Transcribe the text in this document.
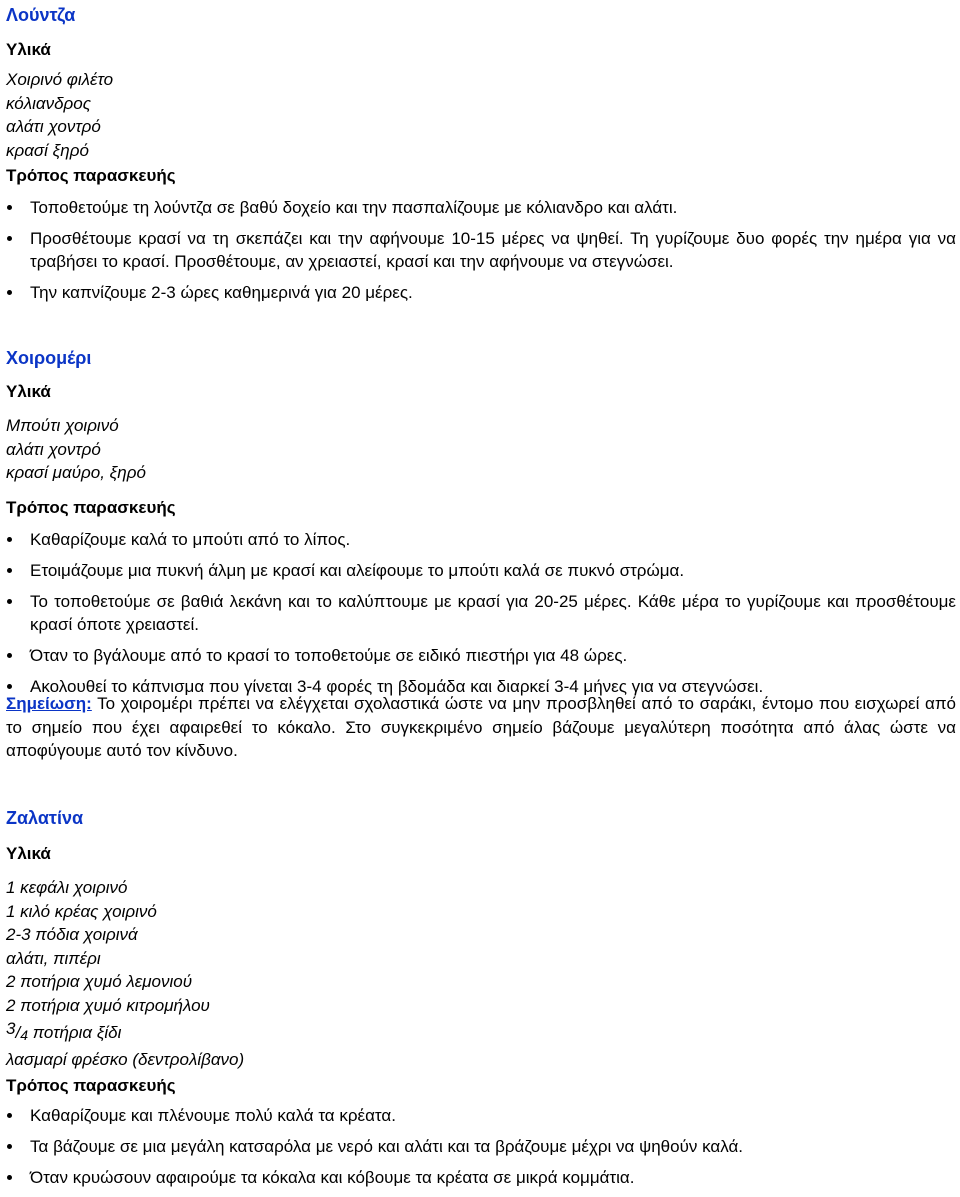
Λούντζα
Υλικά
Χοιρινό φιλέτο
κόλιανδρος
αλάτι χοντρό
κρασί ξηρό
Τρόπος παρασκευής
Τοποθετούμε τη λούντζα σε βαθύ δοχείο και την πασπαλίζουμε με κόλιανδρο και αλάτι.
Προσθέτουμε κρασί να τη σκεπάζει και την αφήνουμε 10-15 μέρες να ψηθεί. Τη γυρίζουμε δυο φορές την ημέρα για να τραβήσει το κρασί. Προσθέτουμε, αν χρειαστεί, κρασί και την αφήνουμε να στεγνώσει.
Την καπνίζουμε 2-3 ώρες καθημερινά για 20 μέρες.
Χοιρομέρι
Υλικά
Μπούτι χοιρινό
αλάτι χοντρό
κρασί μαύρο, ξηρό
Τρόπος παρασκευής
Καθαρίζουμε καλά το μπούτι από το λίπος.
Ετοιμάζουμε μια πυκνή άλμη με κρασί και αλείφουμε το μπούτι καλά σε πυκνό στρώμα.
Το τοποθετούμε σε βαθιά λεκάνη και το καλύπτουμε με κρασί για 20-25 μέρες. Κάθε μέρα το γυρίζουμε και προσθέτουμε κρασί όποτε χρειαστεί.
Όταν το βγάλουμε από το κρασί το τοποθετούμε σε ειδικό πιεστήρι για 48 ώρες.
Ακολουθεί το κάπνισμα που γίνεται 3-4 φορές τη βδομάδα και διαρκεί 3-4 μήνες για να στεγνώσει.
Σημείωση: Το χοιρομέρι πρέπει να ελέγχεται σχολαστικά ώστε να μην προσβληθεί από το σαράκι, έντομο που εισχωρεί από το σημείο που έχει αφαιρεθεί το κόκαλο. Στο συγκεκριμένο σημείο βάζουμε μεγαλύτερη ποσότητα από άλας ώστε να αποφύγουμε αυτό τον κίνδυνο.
Ζαλατίνα
Υλικά
1 κεφάλι χοιρινό
1 κιλό κρέας χοιρινό
2-3 πόδια χοιρινά
αλάτι, πιπέρι
2 ποτήρια χυμό λεμονιού
2 ποτήρια χυμό κιτρομήλου
$^3/_4$ ποτήρια ξίδι
λασμαρί φρέσκο (δεντρολίβανο)
Τρόπος παρασκευής
Καθαρίζουμε και πλένουμε πολύ καλά τα κρέατα.
Τα βάζουμε σε μια μεγάλη κατσαρόλα με νερό και αλάτι και τα βράζουμε μέχρι να ψηθούν καλά.
Όταν κρυώσουν αφαιρούμε τα κόκαλα και κόβουμε τα κρέατα σε μικρά κομμάτια.
